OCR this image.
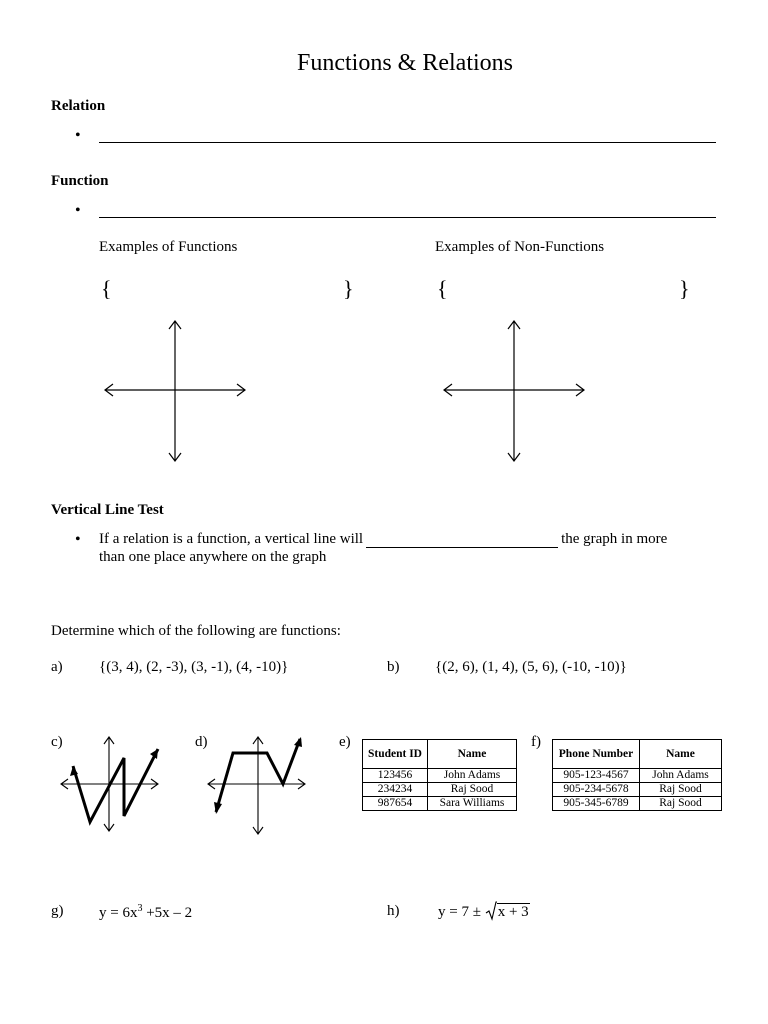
Functions & Relations
Relation
•
Function
•
Examples of Functions	Examples of Non-Functions
{	}	{	}
Vertical Line Test
• If a relation is a function, a vertical line will	the graph in more
than one place anywhere on the graph
Determine which of the following are functions:
a) {(3, 4), (2, -3), (3, -1), (4, -10)}	b) {(2, 6), (1, 4), (5, 6), (-10, -10)}
c)	d)	e)
Student ID	Name
123456	John Adams
234234	Raj Sood
987654	Sara Williams
f)
Phone Number	Name
905-123-4567	John Adams
905-234-5678	Raj Sood
905-345-6789	Raj Sood
g) $y = 6x^3 +5x - 2$	h)	y = 7 ± x + 3
